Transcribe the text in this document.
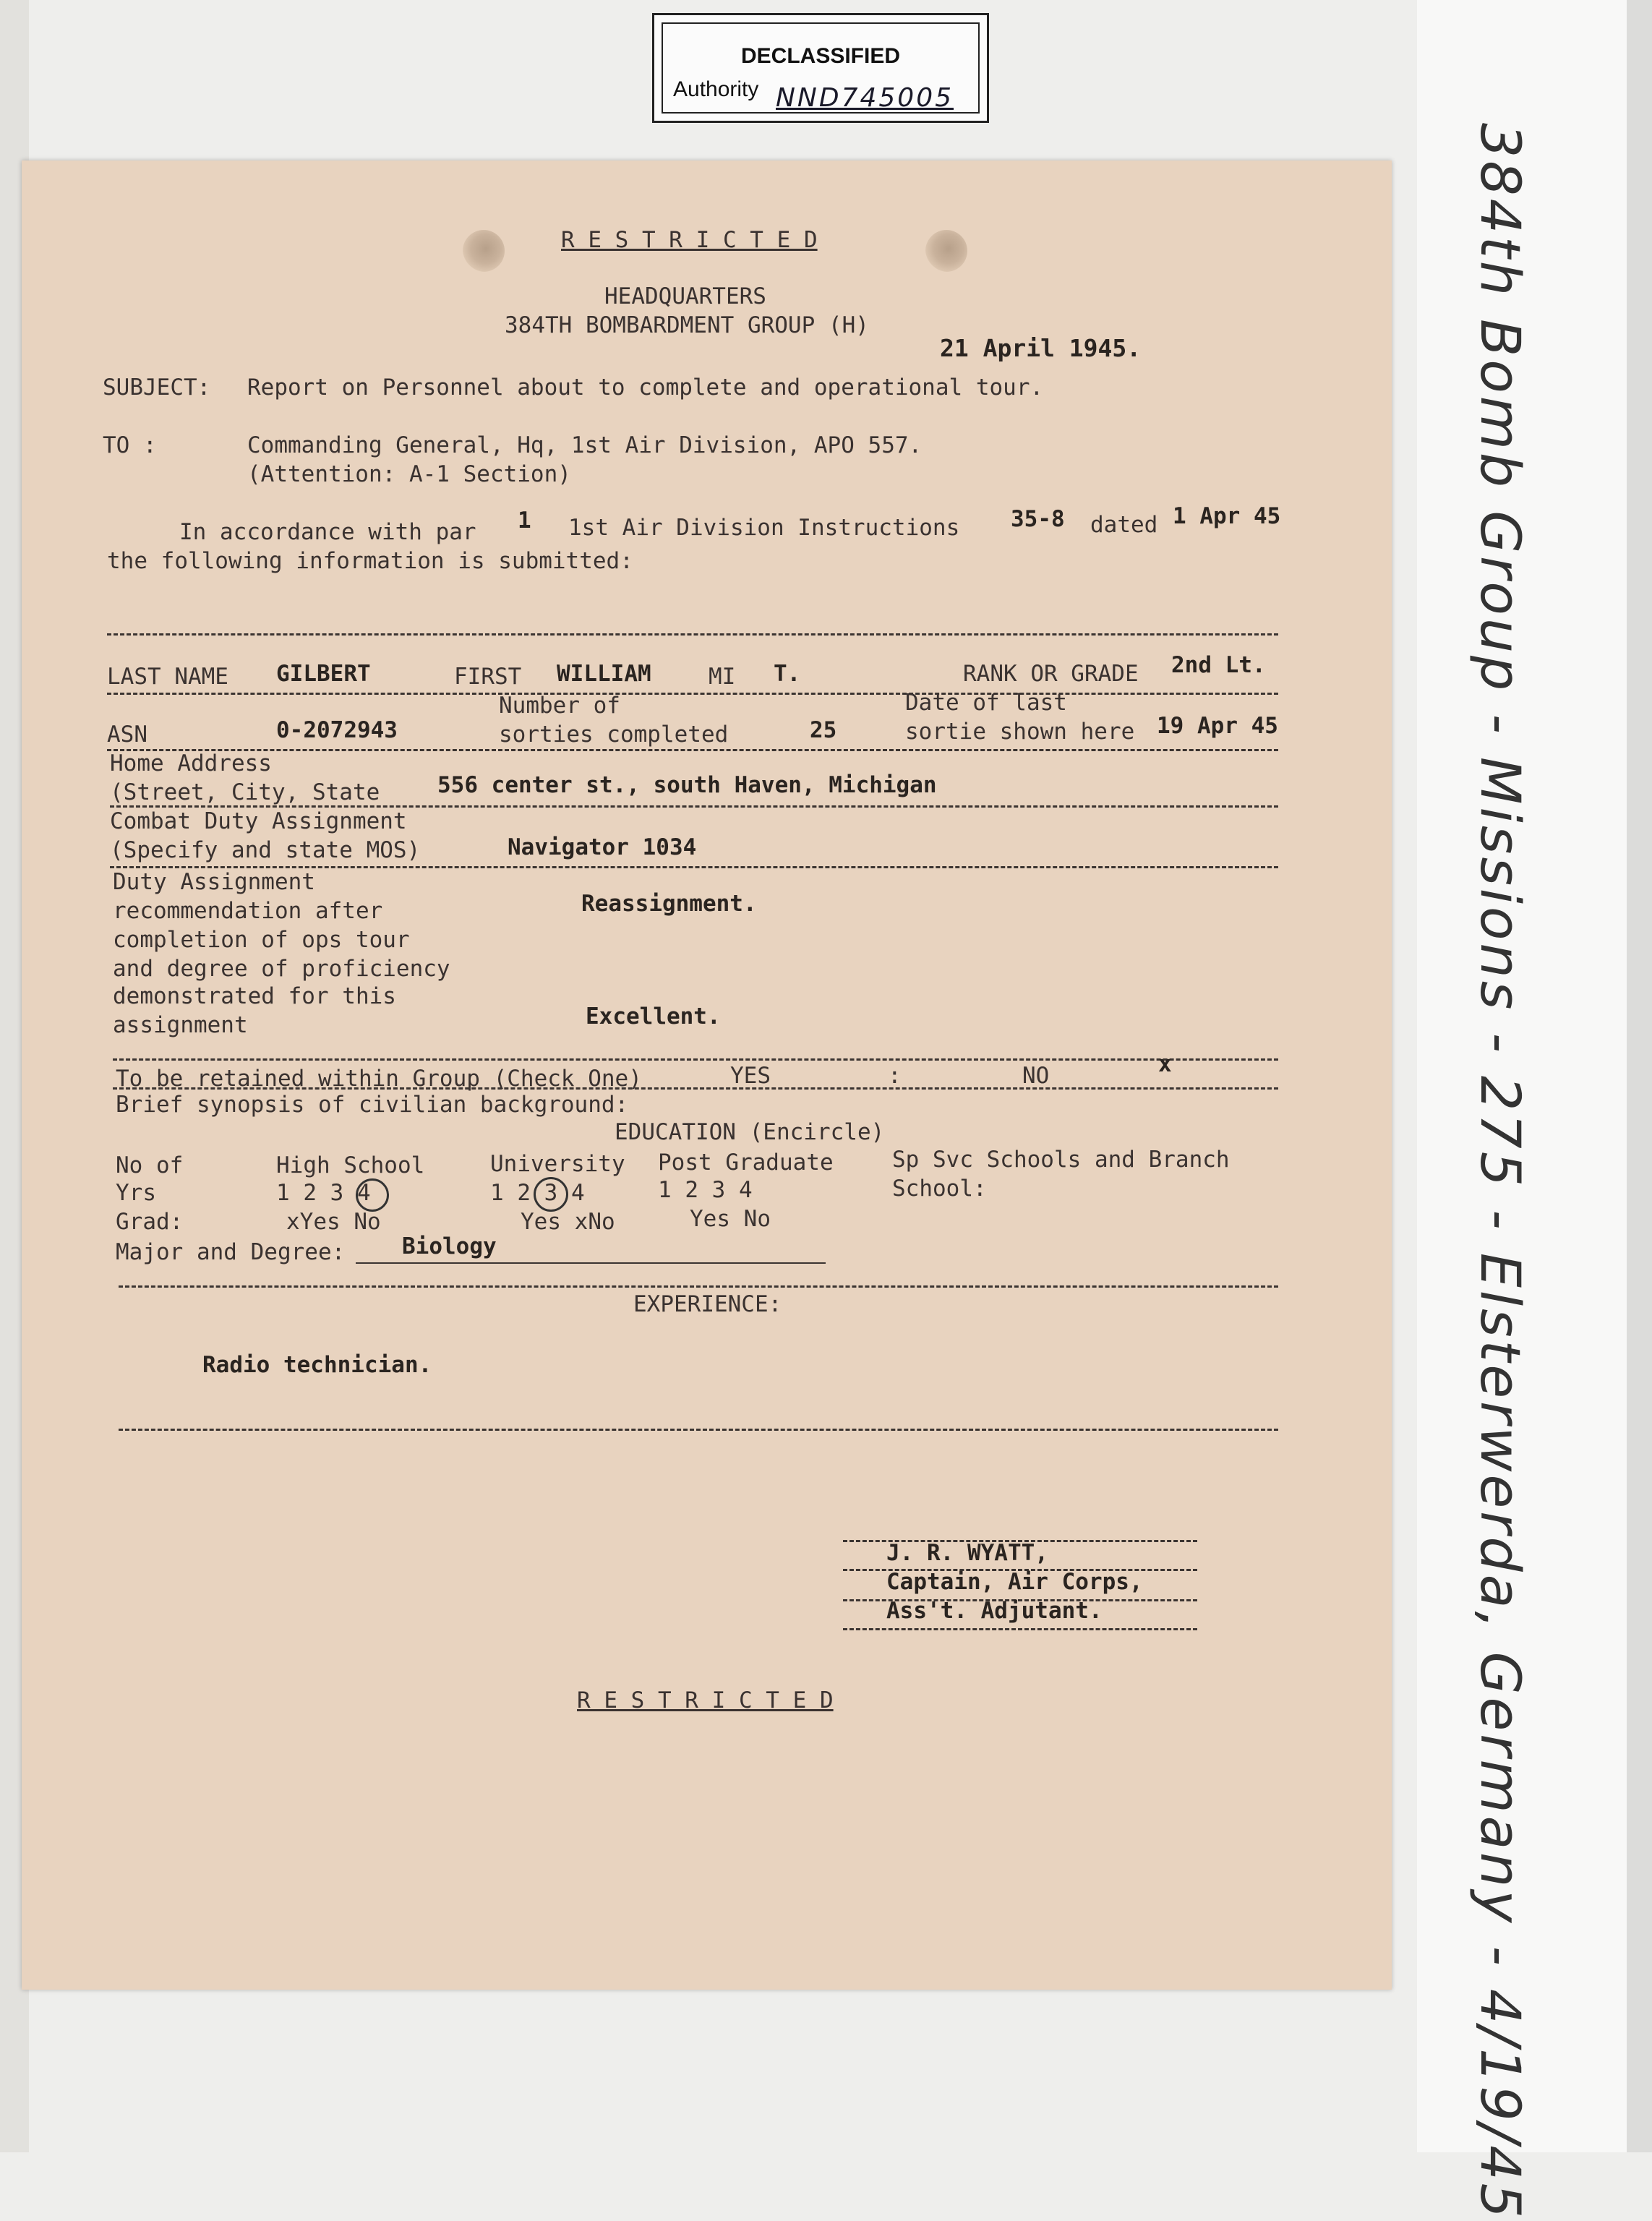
DECLASSIFIED
Authority NND745005
384th Bomb Group - Missions - 275 - Elsterwerda, Germany - 4/19/45
R E S T R I C T E D
HEADQUARTERS
384TH BOMBARDMENT GROUP (H)
21 April 1945.
SUBJECT: Report on Personnel about to complete and operational tour.
TO :	Commanding General, Hq, 1st Air Division, APO 557.
(Attention: A-1 Section)
In accordance with par 1 1st Air Division Instructions 35-8 dated 1 Apr 45
the following information is submitted:
LAST NAME GILBERT	FIRST WILLIAM	MI T.	RANK OR GRADE 2nd Lt.
ASN	0-2072943
Number of
sorties completed	25
Date of last
sortie shown here 19 Apr 45
Home Address
(Street, City, State	556 center st., south Haven, Michigan
Combat Duty Assignment
(Specify and state MOS)	Navigator 1034
Duty Assignment
recommendation after
completion of ops tour
and degree of proficiency
demonstrated for this
assignment
Reassignment.
Excellent.
To be retained within Group (Check One)	YES	:	NO	x
Brief synopsis of civilian background:
EDUCATION (Encircle)
No of
Yrs
Grad:
High School
1 2 3 4
xYes No
University
1 2 3 4
Yes xNo
Post Graduate
1 2 3 4
Yes No
Sp Svc Schools and Branch
School:
Major and Degree:	Biology
EXPERIENCE:
Radio technician.
J. R. WYATT,
Captain, Air Corps,
Ass't. Adjutant.
R E S T R I C T E D
